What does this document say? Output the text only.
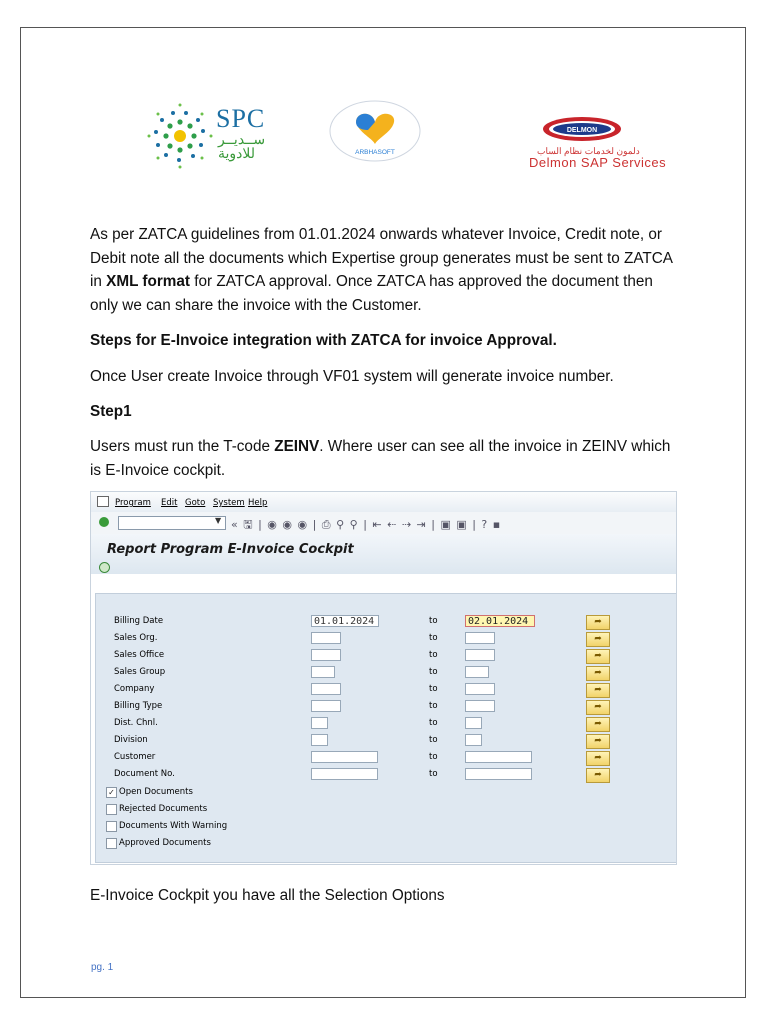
SPC
ســديــر
للادوية	ARBHASOFT
DELMON
دلمون لخدمات نظام الساب
Delmon SAP Services
As per ZATCA guidelines from 01.01.2024 onwards whatever Invoice, Credit note, or Debit note all the documents which Expertise group generates must be sent to ZATCA in XML format for ZATCA approval. Once ZATCA has approved the document then only we can share the invoice with the Customer.
Steps for E-Invoice integration with ZATCA for invoice Approval.
Once User create Invoice through VF01 system will generate invoice number.
Step1
Users must run the T-code ZEINV. Where user can see all the invoice in ZEINV which is E-Invoice cockpit.
Program Edit Goto System Help
▼ « 🖫 | ◉ ◉ ◉ | ⎙ ⚲ ⚲ | ⇤ ⇠ ⇢ ⇥ | ▣ ▣ | ? ▪
Report Program E-Invoice Cockpit
Billing Date	01.01.2024	to	02.01.2024	➦
Sales Org.	to	➦
Sales Office	to	➦
Sales Group	to	➦
Company	to	➦
Billing Type	to	➦
Dist. Chnl.	to	➦
Division	to	➦
Customer	to	➦
Document No.	to	➦
✓ Open Documents
Rejected Documents
Documents With Warning
Approved Documents
E-Invoice Cockpit you have all the Selection Options
pg. 1
